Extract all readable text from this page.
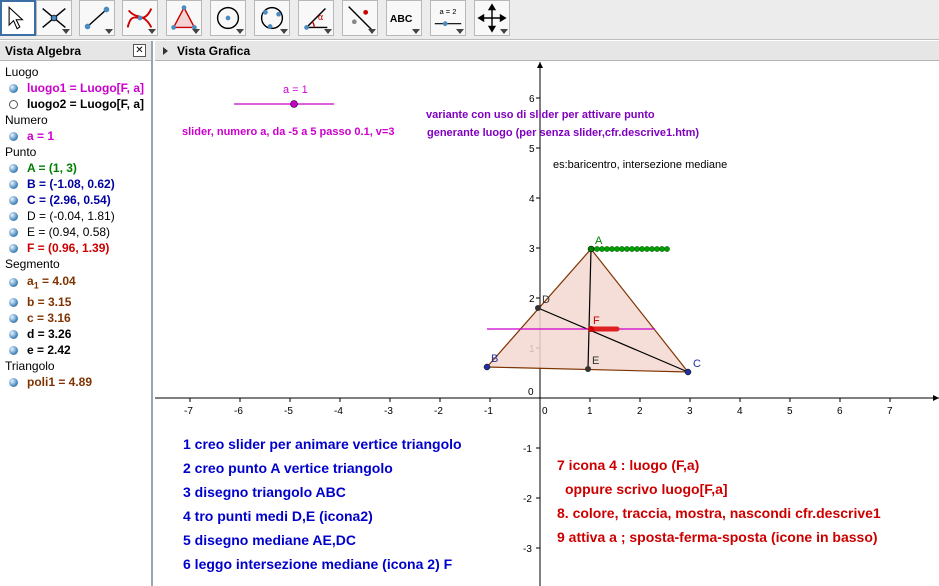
α	ABC
a = 2
Vista Algebra	✕
Luogo
luogo1 = Luogo[F, a]
luogo2 = Luogo[F, a]
Numero
a = 1
Punto
A = (1, 3)
B = (-1.08, 0.62)
C = (2.96, 0.54)
D = (-0.04, 1.81)
E = (0.94, 0.58)
F = (0.96, 1.39)
Segmento
$a_1 = 4.04$
b = 3.15
c = 3.16
d = 3.26
e = 2.42
Triangolo
poli1 = 4.89
Vista Grafica
-7	-6	-5	-4	-3	-2	-1	0	1	2	3	4	5	6	7
6
5
4
3
2
0
-1
-2
-3
A
B	C
D
E
F
a = 1
slider, numero a, da -5 a 5 passo 0.1, v=3
variante con uso di slider per attivare punto
generante luogo (per senza slider,cfr.descrive1.htm)
es:baricentro, intersezione mediane
1 creo slider per animare vertice triangolo
2 creo punto A vertice triangolo
3 disegno triangolo ABC
4 tro punti medi D,E (icona2)
5 disegno mediane AE,DC
6 leggo intersezione mediane (icona 2) F
7 icona 4 : luogo (F,a)
oppure scrivo luogo[F,a]
8. colore, traccia, mostra, nascondi cfr.descrive1
9 attiva a ; sposta-ferma-sposta (icone in basso)
